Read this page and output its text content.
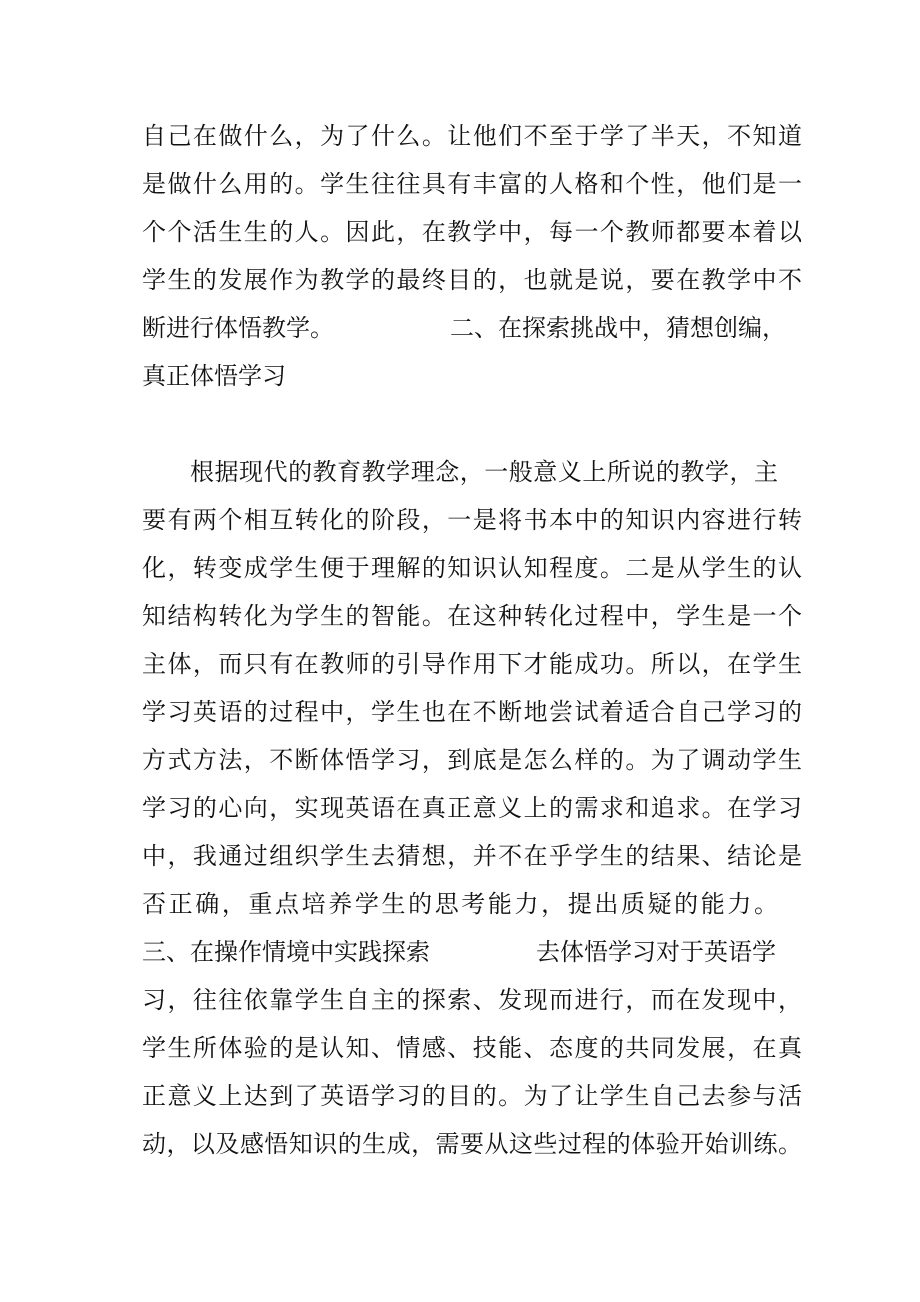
自己在做什么，为了什么。让他们不至于学了半天，不知道
是做什么用的。学生往往具有丰富的人格和个性，他们是一
个个活生生的人。因此，在教学中，每一个教师都要本着以
学生的发展作为教学的最终目的，也就是说，要在教学中不
断进行体悟教学。	二、在探索挑战中，猜想创编，
真正体悟学习
根据现代的教育教学理念，一般意义上所说的教学，主
要有两个相互转化的阶段，一是将书本中的知识内容进行转
化，转变成学生便于理解的知识认知程度。二是从学生的认
知结构转化为学生的智能。在这种转化过程中，学生是一个
主体，而只有在教师的引导作用下才能成功。所以，在学生
学习英语的过程中，学生也在不断地尝试着适合自己学习的
方式方法，不断体悟学习，到底是怎么样的。为了调动学生
学习的心向，实现英语在真正意义上的需求和追求。在学习
中，我通过组织学生去猜想，并不在乎学生的结果、结论是
否正确，重点培养学生的思考能力，提出质疑的能力。
三、在操作情境中实践探索	去体悟学习对于英语学
习，往往依靠学生自主的探索、发现而进行，而在发现中，
学生所体验的是认知、情感、技能、态度的共同发展，在真
正意义上达到了英语学习的目的。为了让学生自己去参与活
动，以及感悟知识的生成，需要从这些过程的体验开始训练。
